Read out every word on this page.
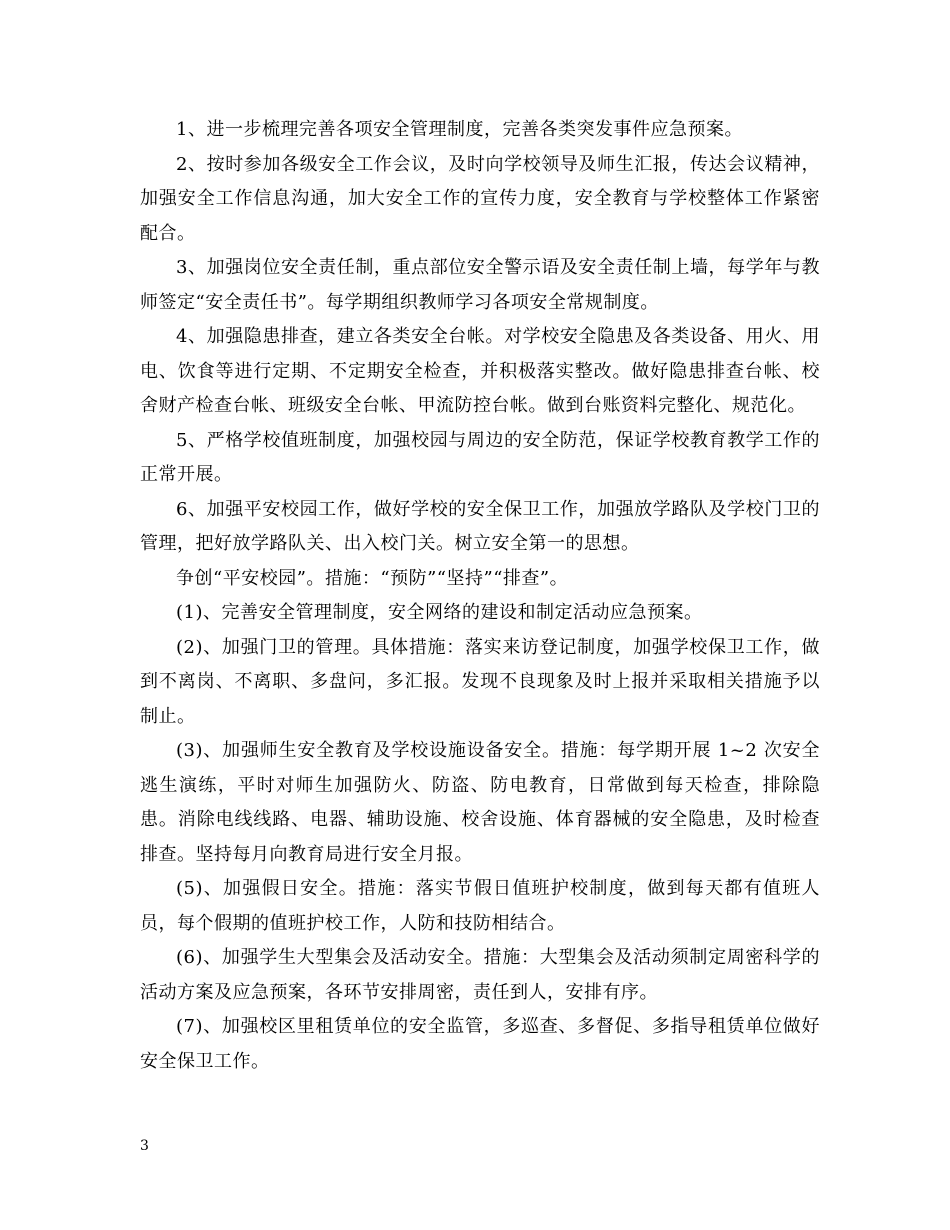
1、进一步梳理完善各项安全管理制度，完善各类突发事件应急预案。

2、按时参加各级安全工作会议，及时向学校领导及师生汇报，传达会议精神，加强安全工作信息沟通，加大安全工作的宣传力度，安全教育与学校整体工作紧密配合。

3、加强岗位安全责任制，重点部位安全警示语及安全责任制上墙，每学年与教师签定“安全责任书”。每学期组织教师学习各项安全常规制度。

4、加强隐患排查，建立各类安全台帐。对学校安全隐患及各类设备、用火、用电、饮食等进行定期、不定期安全检查，并积极落实整改。做好隐患排查台帐、校舍财产检查台帐、班级安全台帐、甲流防控台帐。做到台账资料完整化、规范化。

5、严格学校值班制度，加强校园与周边的安全防范，保证学校教育教学工作的正常开展。

6、加强平安校园工作，做好学校的安全保卫工作，加强放学路队及学校门卫的管理，把好放学路队关、出入校门关。树立安全第一的思想。

争创“平安校园”。措施：“预防”“坚持”“排查”。

(1)、完善安全管理制度，安全网络的建设和制定活动应急预案。

(2)、加强门卫的管理。具体措施：落实来访登记制度，加强学校保卫工作，做到不离岗、不离职、多盘问，多汇报。发现不良现象及时上报并采取相关措施予以制止。

(3)、加强师生安全教育及学校设施设备安全。措施：每学期开展 1~2 次安全逃生演练，平时对师生加强防火、防盗、防电教育，日常做到每天检查，排除隐患。消除电线线路、电器、辅助设施、校舍设施、体育器械的安全隐患，及时检查排查。坚持每月向教育局进行安全月报。

(5)、加强假日安全。措施：落实节假日值班护校制度，做到每天都有值班人员，每个假期的值班护校工作，人防和技防相结合。

(6)、加强学生大型集会及活动安全。措施：大型集会及活动须制定周密科学的活动方案及应急预案，各环节安排周密，责任到人，安排有序。

(7)、加强校区里租赁单位的安全监管，多巡查、多督促、多指导租赁单位做好安全保卫工作。

3
